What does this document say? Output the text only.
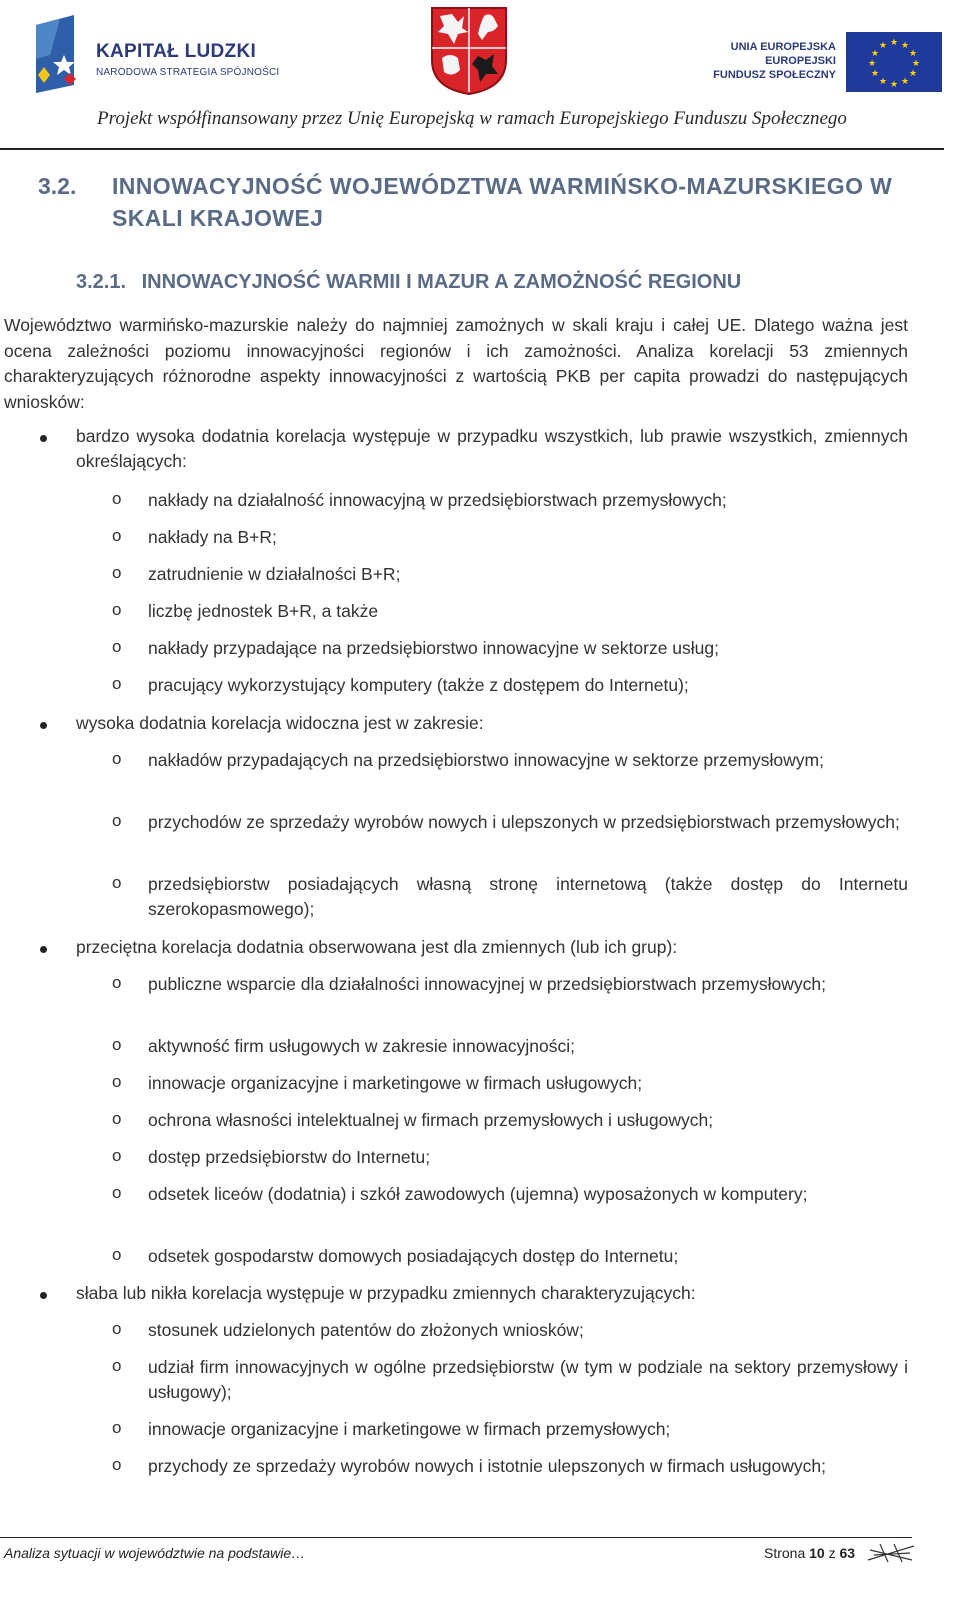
KAPITAŁ LUDZKI
NARODOWA STRATEGIA SPÓJNOŚCI
UNIA EUROPEJSKA
EUROPEJSKI
FUNDUSZ SPOŁECZNY
★ ★
★
★
★
★
★
★
★
★
★
★
Projekt współfinansowany przez Unię Europejską w ramach Europejskiego Funduszu Społecznego
3.2. INNOWACYJNOŚĆ WOJEWÓDZTWA WARMIŃSKO-MAZURSKIEGO W SKALI KRAJOWEJ
3.2.1. INNOWACYJNOŚĆ WARMII I MAZUR A ZAMOŻNOŚĆ REGIONU
Województwo warmińsko-mazurskie należy do najmniej zamożnych w skali kraju i całej UE. Dlatego ważna jest ocena zależności poziomu innowacyjności regionów i ich zamożności. Analiza korelacji 53 zmiennych charakteryzujących różnorodne aspekty innowacyjności z wartością PKB per capita prowadzi do następujących wniosków:
bardzo wysoka dodatnia korelacja występuje w przypadku wszystkich, lub prawie wszystkich, zmiennych określających:
o nakłady na działalność innowacyjną w przedsiębiorstwach przemysłowych;
o nakłady na B+R;
o zatrudnienie w działalności B+R;
o liczbę jednostek B+R, a także
o nakłady przypadające na przedsiębiorstwo innowacyjne w sektorze usług;
o pracujący wykorzystujący komputery (także z dostępem do Internetu);
wysoka dodatnia korelacja widoczna jest w zakresie:
o nakładów przypadających na przedsiębiorstwo innowacyjne w sektorze przemysłowym;
o przychodów ze sprzedaży wyrobów nowych i ulepszonych w przedsiębiorstwach przemysłowych;
o przedsiębiorstw posiadających własną stronę internetową (także dostęp do Internetu szerokopasmowego);
przeciętna korelacja dodatnia obserwowana jest dla zmiennych (lub ich grup):
o publiczne wsparcie dla działalności innowacyjnej w przedsiębiorstwach przemysłowych;
o aktywność firm usługowych w zakresie innowacyjności;
o innowacje organizacyjne i marketingowe w firmach usługowych;
o ochrona własności intelektualnej w firmach przemysłowych i usługowych;
o dostęp przedsiębiorstw do Internetu;
o odsetek liceów (dodatnia) i szkół zawodowych (ujemna) wyposażonych w komputery;
o odsetek gospodarstw domowych posiadających dostęp do Internetu;
słaba lub nikła korelacja występuje w przypadku zmiennych charakteryzujących:
o stosunek udzielonych patentów do złożonych wniosków;
o udział firm innowacyjnych w ogólne przedsiębiorstw (w tym w podziale na sektory przemysłowy i usługowy);
o innowacje organizacyjne i marketingowe w firmach przemysłowych;
o przychody ze sprzedaży wyrobów nowych i istotnie ulepszonych w firmach usługowych;
Analiza sytuacji w województwie na podstawie…	Strona 10 z 63
